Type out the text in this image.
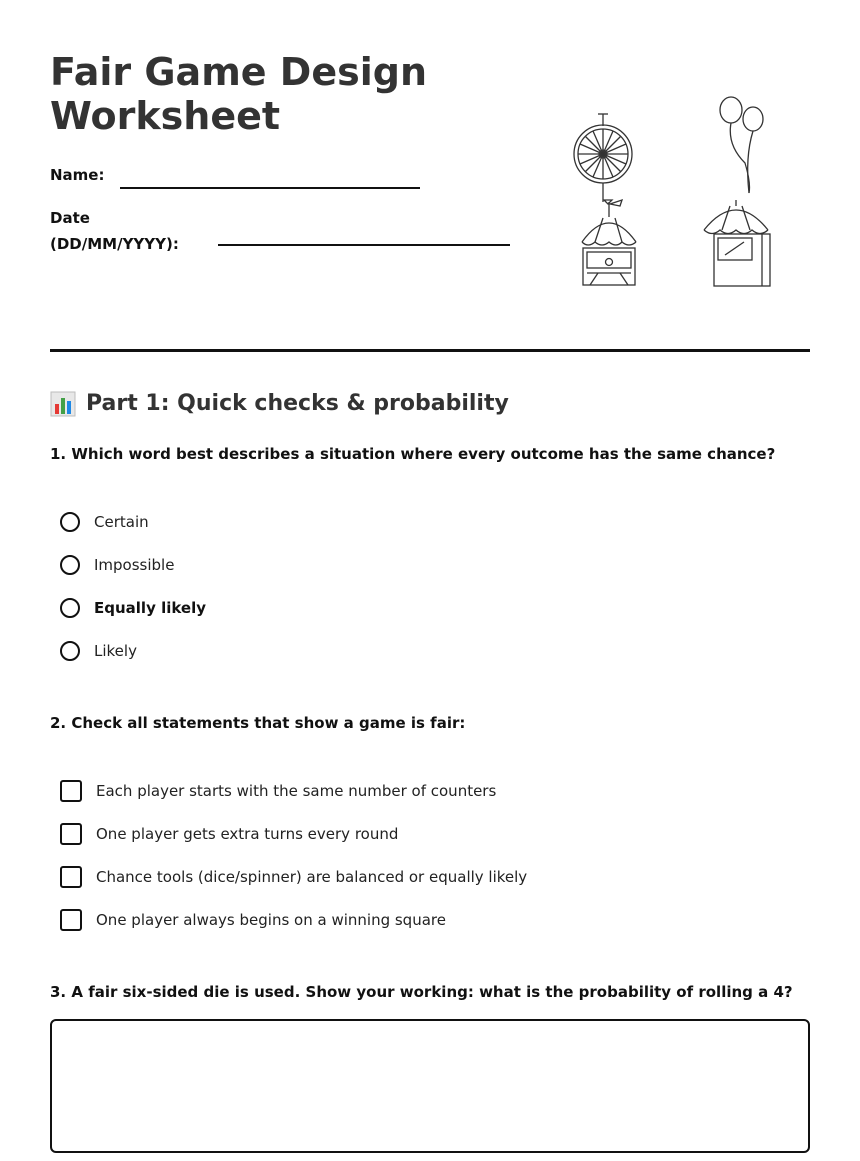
Fair Game Design Worksheet
Name:
Date
(DD/MM/YYYY):
Part 1: Quick checks & probability

1. Which word best describes a situation where every outcome has the same chance?

Certain
Impossible
Equally likely
Likely

2. Check all statements that show a game is fair:

Each player starts with the same number of counters
One player gets extra turns every round
Chance tools (dice/spinner) are balanced or equally likely
One player always begins on a winning square

3. A fair six-sided die is used. Show your working: what is the probability of rolling a 4?
